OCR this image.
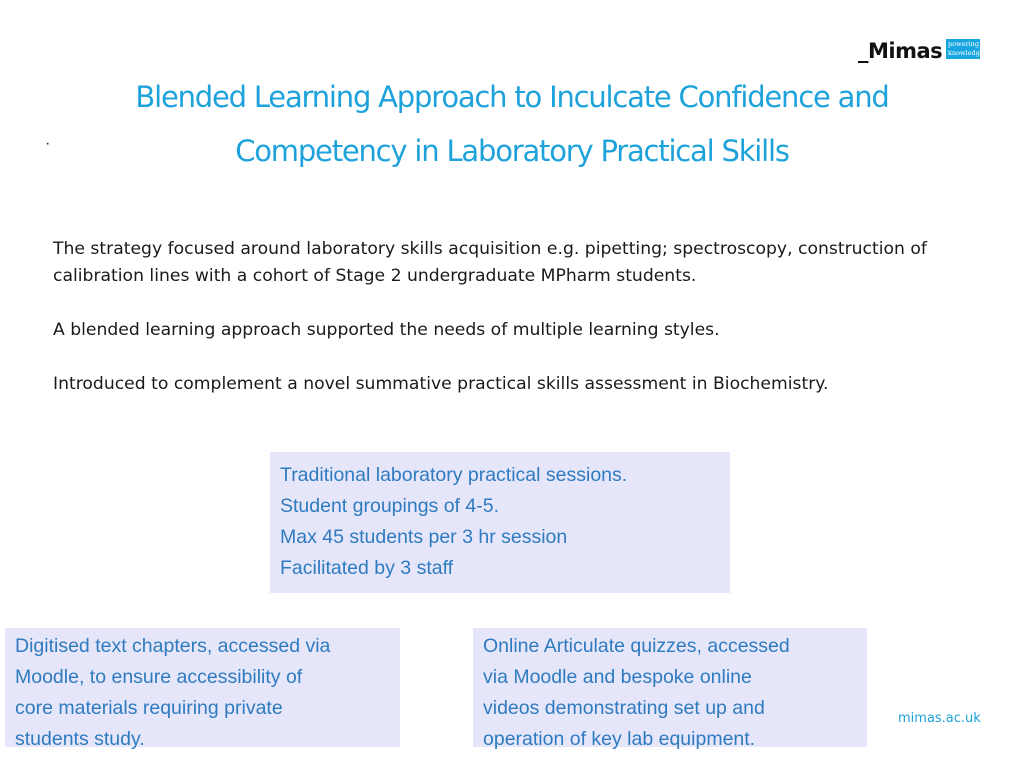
_Mimas powering knowledge
Blended Learning Approach to Inculcate Confidence and
Competency in Laboratory Practical Skills
·

The strategy focused around laboratory skills acquisition e.g. pipetting; spectroscopy, construction of calibration lines with a cohort of Stage 2 undergraduate MPharm students.

A blended learning approach supported the needs of multiple learning styles.

Introduced to complement a novel summative practical skills assessment in Biochemistry.

Traditional laboratory practical sessions.
Student groupings of 4-5.
Max 45 students per 3 hr session
Facilitated by 3 staff
Digitised text chapters, accessed via
Moodle, to ensure accessibility of
core materials requiring private
students study.
Online Articulate quizzes, accessed
via Moodle and bespoke online
videos demonstrating set up and
operation of key lab equipment.
mimas.ac.uk
